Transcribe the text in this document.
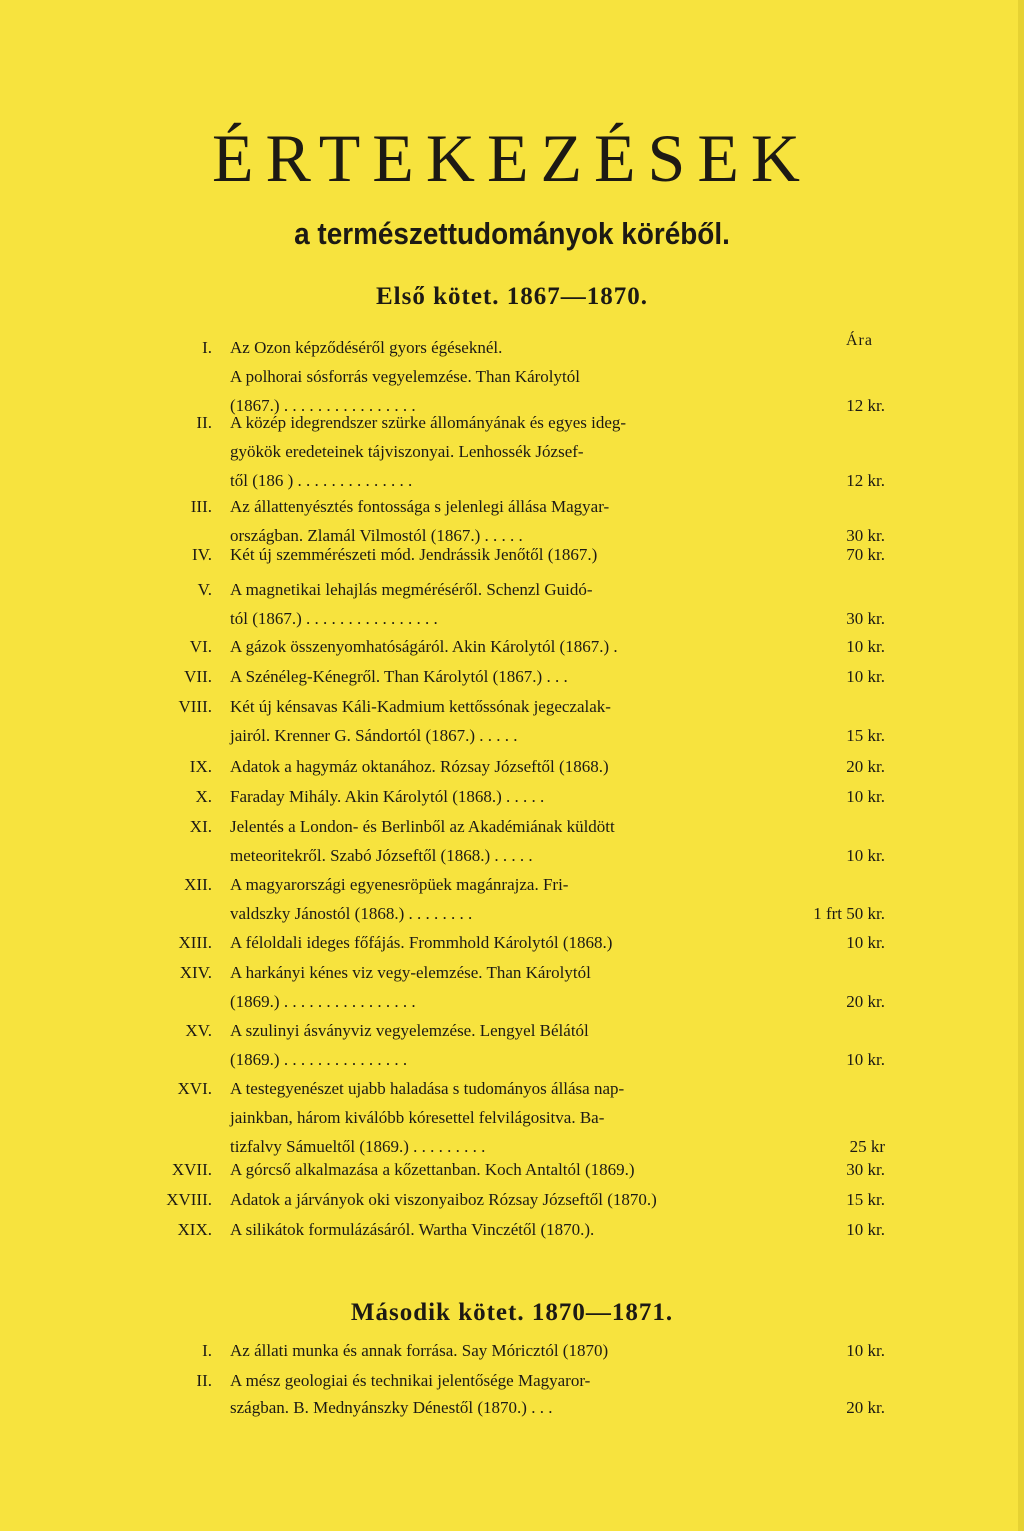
ÉRTEKEZÉSEK
a természettudományok köréből.
Első kötet. 1867—1870.
Ára
Második kötet. 1870—1871.
I. Az Ozon képződéséről gyors égéseknél.
A polhorai sósforrás vegyelemzése. Than Károlytól
(1867.) . . . . . . . . . . . . . . . .	12 kr.
II. A közép idegrendszer szürke állományának és egyes ideg-
gyökök eredeteinek tájviszonyai. Lenhossék József-
től (186 ) . . . . . . . . . . . . . .	12 kr.
III. Az állattenyésztés fontossága s jelenlegi állása Magyar-
országban. Zlamál Vilmostól (1867.) . . . . .	30 kr.
IV. Két új szemmérészeti mód. Jendrássik Jenőtől (1867.)	70 kr.
V. A magnetikai lehajlás megméréséről. Schenzl Guidó-
tól (1867.) . . . . . . . . . . . . . . . .	30 kr.
VI. A gázok összenyomhatóságáról. Akin Károlytól (1867.) .	10 kr.
VII. A Szénéleg-Kénegről. Than Károlytól (1867.) . . .	10 kr.
VIII. Két új kénsavas Káli-Kadmium kettőssónak jegeczalak-
jairól. Krenner G. Sándortól (1867.) . . . . .	15 kr.
IX. Adatok a hagymáz oktanához. Rózsay Józseftől (1868.)	20 kr.
X. Faraday Mihály. Akin Károlytól (1868.) . . . . .	10 kr.
XI. Jelentés a London- és Berlinből az Akadémiának küldött
meteoritekről. Szabó Józseftől (1868.) . . . . .	10 kr.
XII. A magyarországi egyenesröpüek magánrajza. Fri-
valdszky Jánostól (1868.) . . . . . . . .	1 frt 50 kr.
XIII. A féloldali ideges főfájás. Frommhold Károlytól (1868.)	10 kr.
XIV. A harkányi kénes viz vegy-elemzése. Than Károlytól
(1869.) . . . . . . . . . . . . . . . .	20 kr.
XV. A szulinyi ásványviz vegyelemzése. Lengyel Bélától
(1869.) . . . . . . . . . . . . . . .	10 kr.
XVI. A testegyenészet ujabb haladása s tudományos állása nap-
jainkban, három kiválóbb kóresettel felvilágositva. Ba-
tizfalvy Sámueltől (1869.) . . . . . . . . .	25 kr
XVII. A górcső alkalmazása a kőzettanban. Koch Antaltól (1869.)	30 kr.
XVIII. Adatok a járványok oki viszonyaiboz Rózsay Józseftől (1870.)	15 kr.
XIX. A silikátok formulázásáról. Wartha Vinczétől (1870.).	10 kr.
I. Az állati munka és annak forrása. Say Móricztól (1870)	10 kr.
II. A mész geologiai és technikai jelentősége Magyaror-
szágban. B. Mednyánszky Dénestől (1870.) . . .	20 kr.
